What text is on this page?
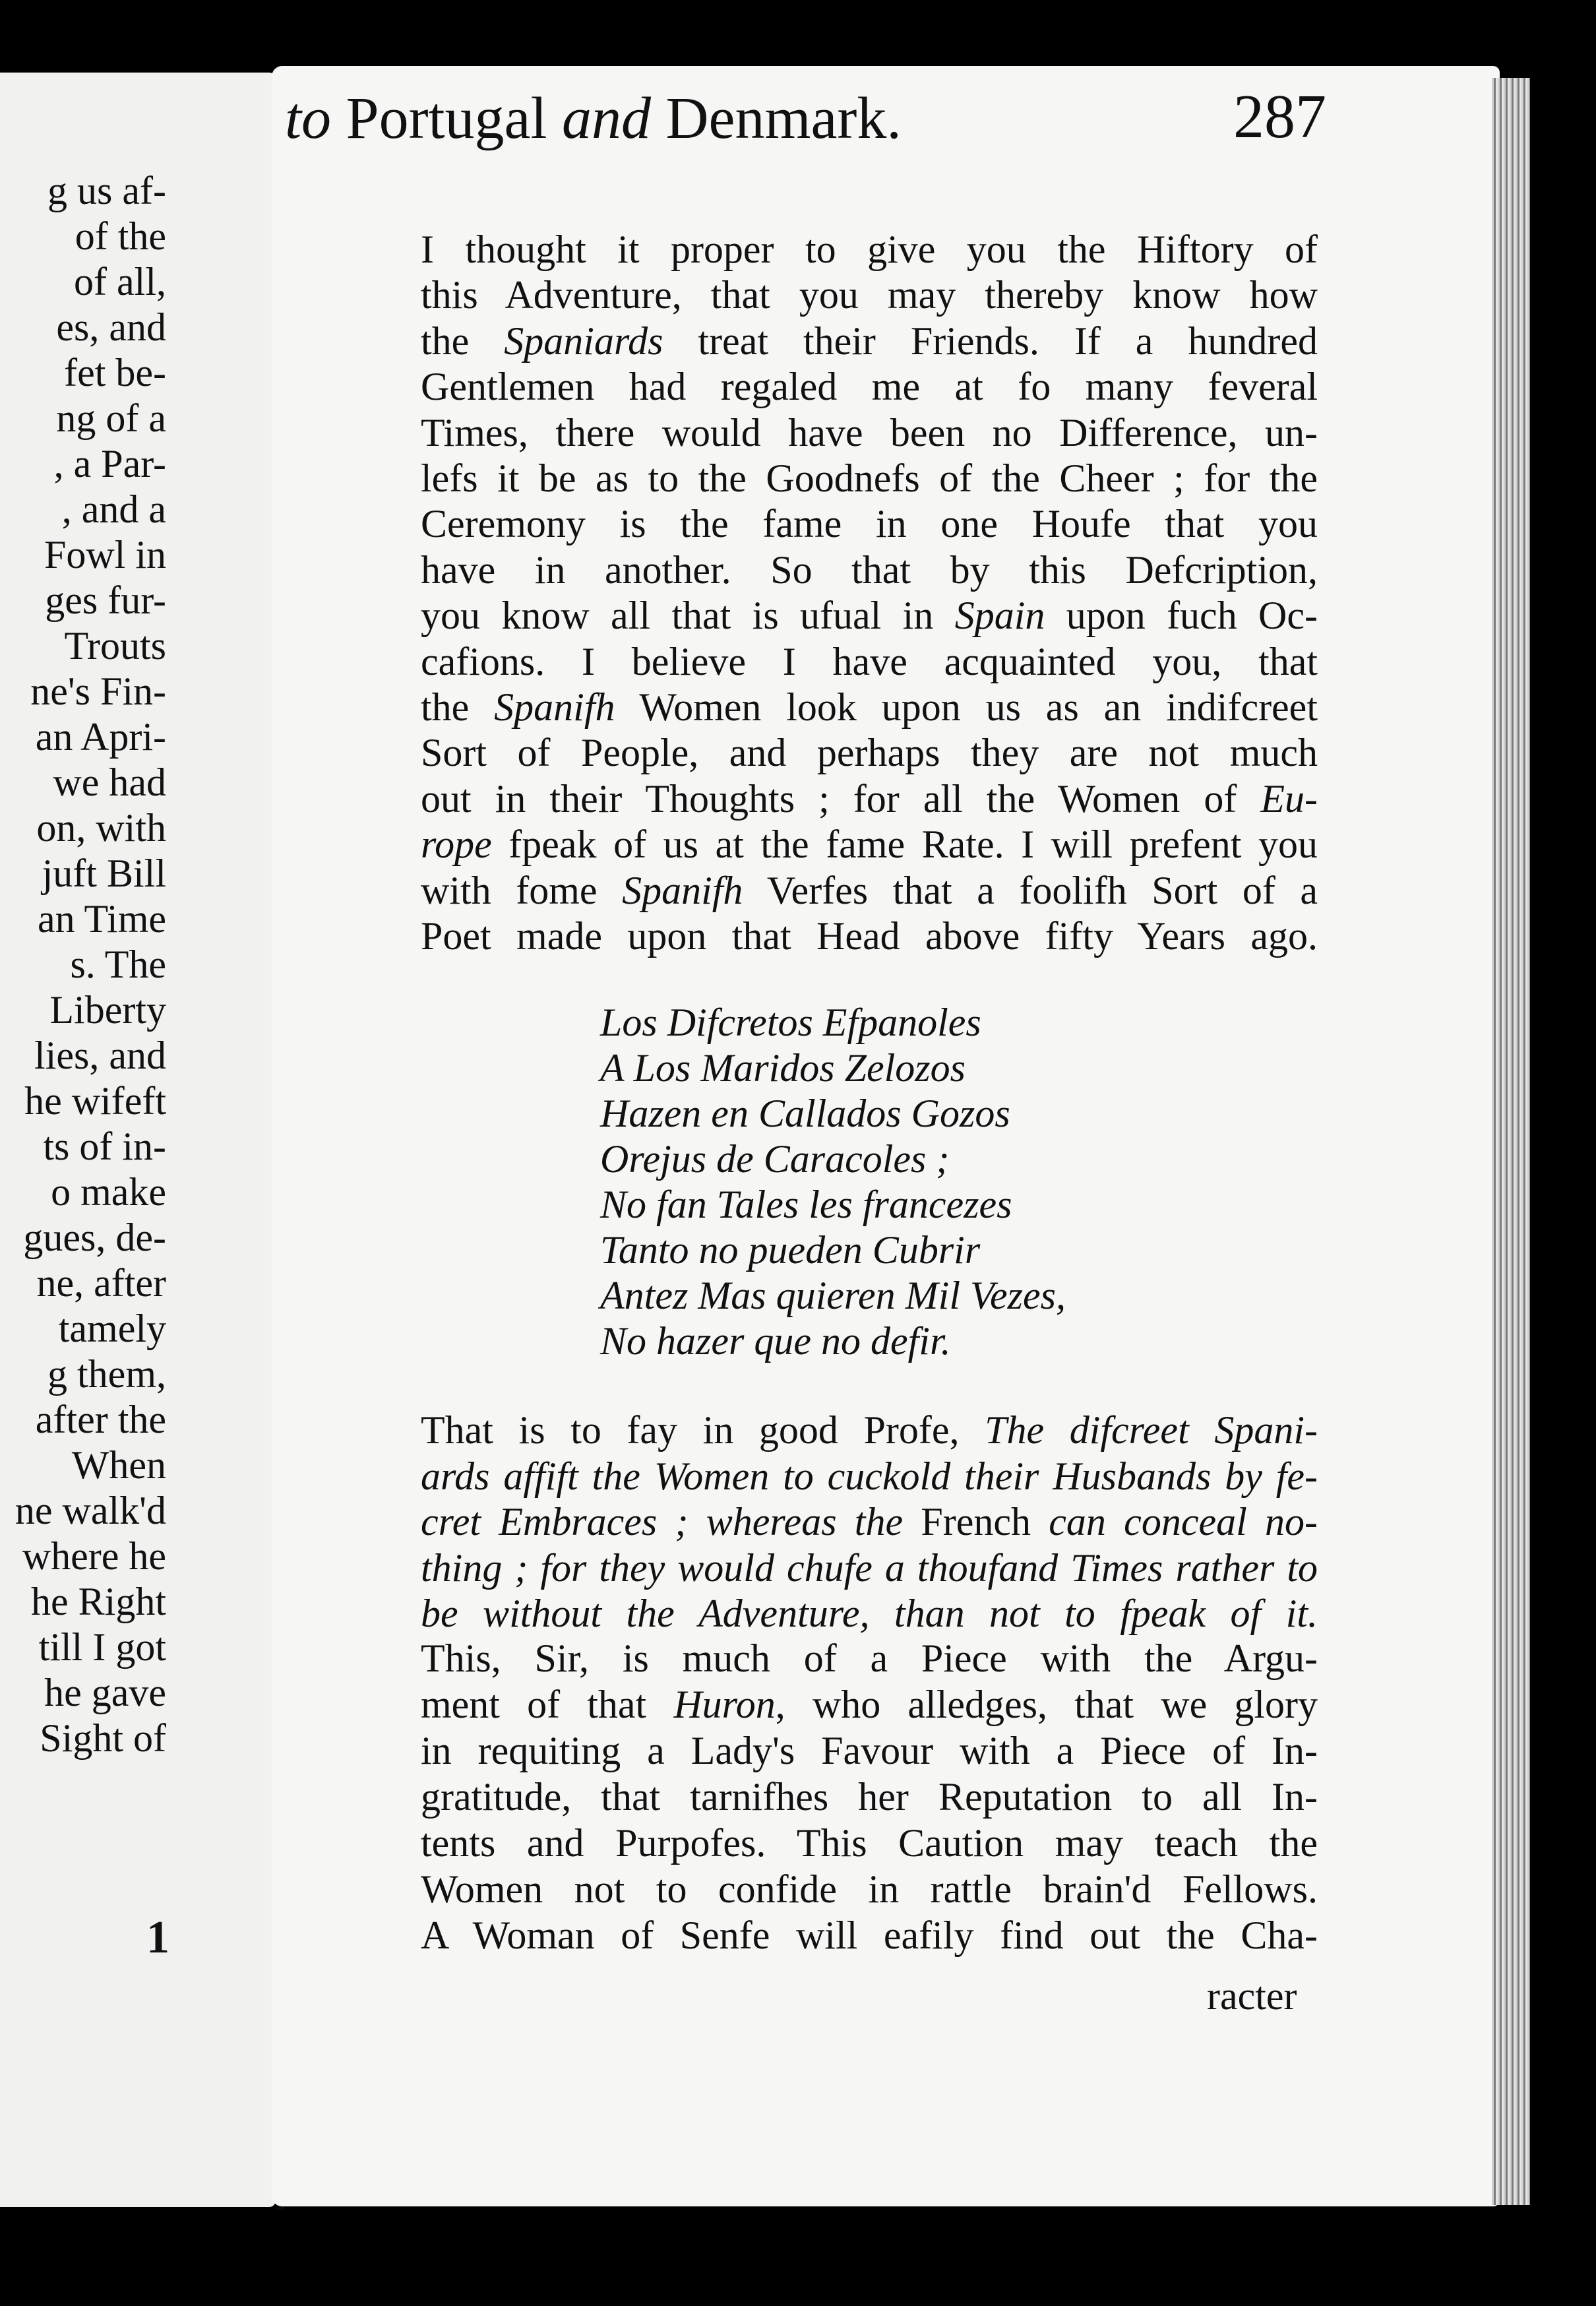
1
g us af-
of the
of all,
es, and
fet be-
ng of a
, a Par-
, and a
Fowl in
ges fur-
Trouts
ne's Fin-
an Apri-
we had
on, with
juft Bill
an Time
s. The
Liberty
lies, and
he wifeft
ts of in-
o make
gues, de-
ne, after
tamely
g them,
after the
When
ne walk'd
where he
he Right
till I got
he gave
Sight of
to Portugal and Denmark.	287
I thought it proper to give you the Hiftory of
this Adventure, that you may thereby know how
the Spaniards treat their Friends. If a hundred
Gentlemen had regaled me at fo many feveral
Times, there would have been no Difference, un-
lefs it be as to the Goodnefs of the Cheer ; for the
Ceremony is the fame in one Houfe that you
have in another. So that by this Defcription,
you know all that is ufual in Spain upon fuch Oc-
cafions. I believe I have acquainted you, that
the Spanifh Women look upon us as an indifcreet
Sort of People, and perhaps they are not much
out in their Thoughts ; for all the Women of Eu-
rope fpeak of us at the fame Rate. I will prefent you
with fome Spanifh Verfes that a foolifh Sort of a
Poet made upon that Head above fifty Years ago.
Los Difcretos Efpanoles
A Los Maridos Zelozos
Hazen en Callados Gozos
Orejus de Caracoles ;
No fan Tales les francezes
Tanto no pueden Cubrir
Antez Mas quieren Mil Vezes,
No hazer que no defir.
That is to fay in good Profe, The difcreet Spani-
ards affift the Women to cuckold their Husbands by fe-
cret Embraces ; whereas the French can conceal no-
thing ; for they would chufe a thoufand Times rather to
be without the Adventure, than not to fpeak of it.
This, Sir, is much of a Piece with the Argu-
ment of that Huron, who alledges, that we glory
in requiting a Lady's Favour with a Piece of In-
gratitude, that tarnifhes her Reputation to all In-
tents and Purpofes. This Caution may teach the
Women not to confide in rattle brain'd Fellows.
A Woman of Senfe will eafily find out the Cha-
racter
